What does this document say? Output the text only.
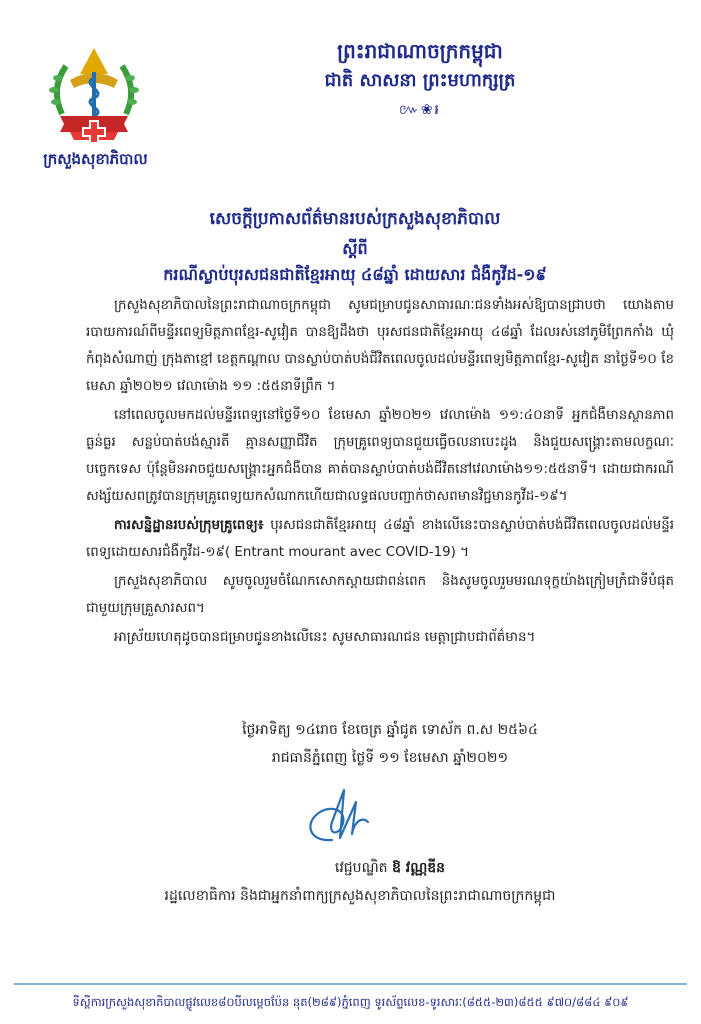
ក្រសួងសុខាភិបាល
ព្រះរាជាណាចក្រកម្ពុជា
ជាតិ សាសនា ព្រះមហាក្សត្រ
៚❀៛
សេចក្ដីប្រកាសព័ត៌មានរបស់ក្រសួងសុខាភិបាល
ស្ដីពី
ករណីស្លាប់បុរសជនជាតិខ្មែរអាយុ ៤៨ឆ្នាំ ដោយសារ ជំងឺកូវីដ-១៩

ក្រសួងសុខាភិបាលនៃព្រះរាជាណាចក្រកម្ពុជា សូមជម្រាបជូនសាធារណៈជនទាំងអស់ឱ្យបានជ្រាបថា យោងតាមរបាយការណ៍ពីមន្ទីរពេទ្យមិត្តភាពខ្មែរ-សូវៀត បានឱ្យដឹងថា បុរសជនជាតិខ្មែរអាយុ ៤៨ឆ្នាំ ដែលរស់នៅភូមិព្រែកកាំង ឃុំកំពុងសំណាញ់ ក្រុងតាខ្មៅ ខេត្តកណ្ដាល បានស្លាប់បាត់បង់ជីវិតពេលចូលដល់មន្ទីរពេទ្យមិត្តភាពខ្មែរ-សូវៀត នាថ្ងៃទី១០ ខែមេសា ឆ្នាំ២០២១ វេលាម៉ោង ១១ :៥៥នាទីព្រឹក ។

នៅពេលចូលមកដល់មន្ទីរពេទ្យនៅថ្ងៃទី១០ ខែមេសា ឆ្នាំ២០២១ វេលាម៉ោង ១១:៤០នាទី អ្នកជំងឺមានស្ថានភាពធ្ងន់ធ្ងរ សន្លប់បាត់បង់ស្មារតី គ្មានសញ្ញាជីវិត ក្រុមគ្រូពេទ្យបានជួយធ្វើចលនាបេះដូង និងជួយសង្គ្រោះតាមលក្ខណៈបច្ចេកទេស ប៉ុន្តែមិនអាចជួយសង្គ្រោះអ្នកជំងឺបាន គាត់បានស្លាប់បាត់បង់ជីវិតនៅវេលាម៉ោង១១:៥៥នាទី។ ដោយជាករណីសង្ស័យសពត្រូវបានក្រុមគ្រូពេទ្យយកសំណាកហើយជាលទ្ធផលបញ្ជាក់ថាសពមានវិជ្ជមានកូវីដ-១៩។

ការសន្និដ្ឋានរបស់ក្រុមគ្រូពេទ្យ៖ បុរសជនជាតិខ្មែរអាយុ ៤៨ឆ្នាំ ខាងលើនេះបានស្លាប់បាត់បង់ជីវិតពេលចូលដល់មន្ទីរពេទ្យដោយសារជំងឺកូវីដ-១៩( Entrant mourant avec COVID-19) ។

ក្រសួងសុខាភិបាល សូមចូលរួមចំណែកសោកស្ដាយជាពន់ពេក និងសូមចូលរួមមរណទុក្ខយ៉ាងក្រៀមក្រំជាទីបំផុតជាមួយក្រុមគ្រួសារសព។

អាស្រ័យហេតុដូចបានជម្រាបជូនខាងលើនេះ សូមសាធារណជន មេត្តាជ្រាបជាព័ត៌មាន។

ថ្ងៃអាទិត្យ ១៤រោច ខែចេត្រ ឆ្នាំជូត ទោស័ក ព.ស ២៥៦៤
រាជធានីភ្នំពេញ ថ្ងៃទី ១១ ខែមេសា ឆ្នាំ២០២១
វេជ្ជបណ្ឌិត ឱ វណ្ណឌីន
រដ្ឋលេខាធិការ និងជាអ្នកនាំពាក្យក្រសួងសុខាភិបាលនៃព្រះរាជាណាចក្រកម្ពុជា
ទីស្ដីការក្រសួងសុខាភិបាលផ្លូវលេខ៨០បីលម្ដេចប៉ែន នុត(២៨៩)ភ្នំពេញ ទូរស័ព្ទលេខ-ទូរសារៈ(៨៥៥-២៣)៨៥៥ ៩៧០/៨៨៤ ៩០៩
